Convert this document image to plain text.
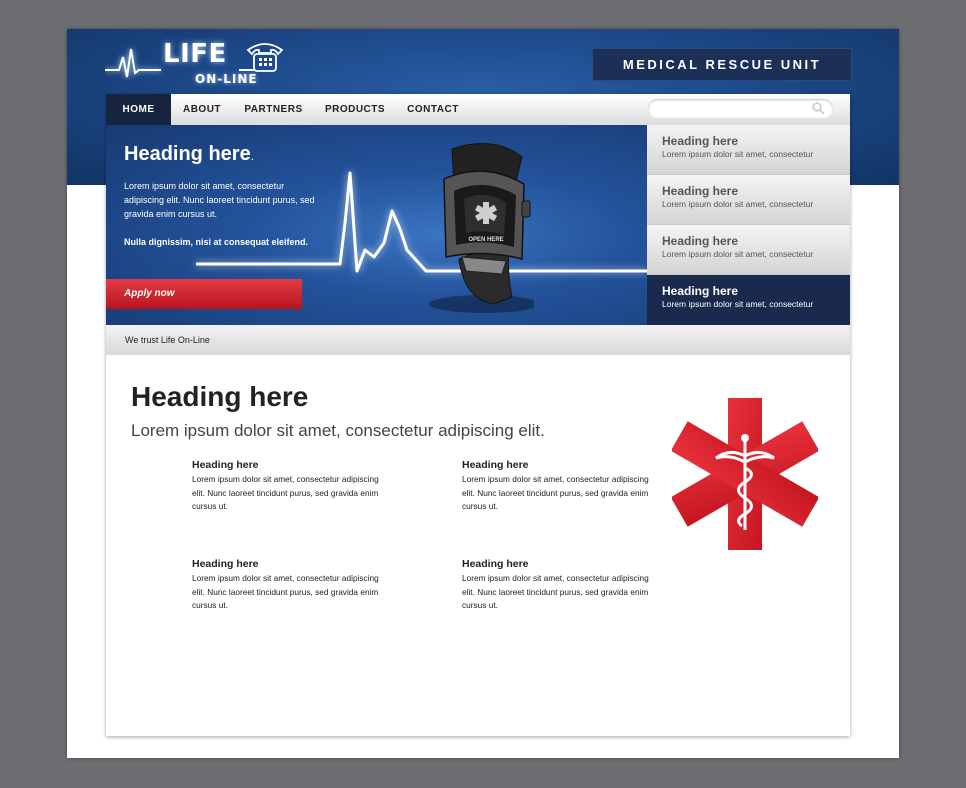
LIFE
ON-LINE
MEDICAL RESCUE UNIT
HOME	ABOUT	PARTNERS	PRODUCTS	CONTACT
OPEN HERE
Heading here.
Lorem ipsum dolor sit amet, consectetur adipiscing elit. Nunc laoreet tincidunt purus, sed gravida enim cursus ut.
Nulla dignissim, nisi at consequat eleifend.
Apply now
Heading here
Lorem ipsum dolor sit amet, consectetur
Heading here
Lorem ipsum dolor sit amet, consectetur
Heading here
Lorem ipsum dolor sit amet, consectetur
Heading here
Lorem ipsum dolor sit amet, consectetur
We trust Life On-Line
Heading here
Lorem ipsum dolor sit amet, consectetur adipiscing elit.
Heading here
Lorem ipsum dolor sit amet, consectetur adipiscing elit. Nunc laoreet tincidunt purus, sed gravida enim cursus ut.
Heading here
Lorem ipsum dolor sit amet, consectetur adipiscing elit. Nunc laoreet tincidunt purus, sed gravida enim cursus ut.
Heading here
Lorem ipsum dolor sit amet, consectetur adipiscing elit. Nunc laoreet tincidunt purus, sed gravida enim cursus ut.
Heading here
Lorem ipsum dolor sit amet, consectetur adipiscing elit. Nunc laoreet tincidunt purus, sed gravida enim cursus ut.
